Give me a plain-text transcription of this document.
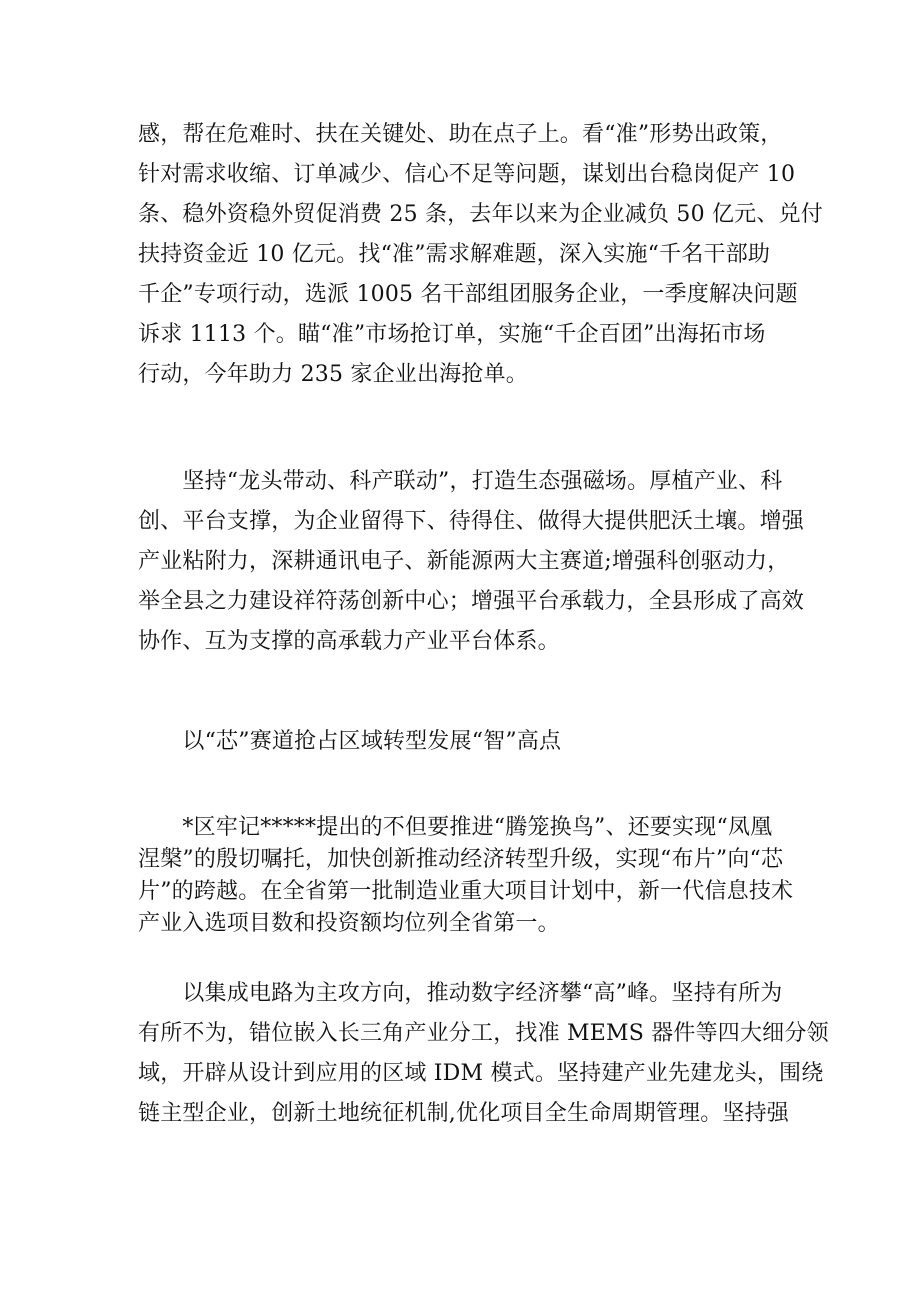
感，帮在危难时、扶在关键处、助在点子上。看“准”形势出政策，
针对需求收缩、订单减少、信心不足等问题，谋划出台稳岗促产 10
条、稳外资稳外贸促消费 25 条，去年以来为企业减负 50 亿元、兑付
扶持资金近 10 亿元。找“准”需求解难题，深入实施“千名干部助
千企”专项行动，选派 1005 名干部组团服务企业，一季度解决问题
诉求 1113 个。瞄“准”市场抢订单，实施“千企百团”出海拓市场
行动，今年助力 235 家企业出海抢单。
　　坚持“龙头带动、科产联动”，打造生态强磁场。厚植产业、科
创、平台支撑，为企业留得下、待得住、做得大提供肥沃土壤。增强
产业粘附力，深耕通讯电子、新能源两大主赛道;增强科创驱动力，
举全县之力建设祥符荡创新中心；增强平台承载力，全县形成了高效
协作、互为支撑的高承载力产业平台体系。
　　以“芯”赛道抢占区域转型发展“智”高点
　　*区牢记*****提出的不但要推进“腾笼换鸟”、还要实现“凤凰
涅槃”的殷切嘱托，加快创新推动经济转型升级，实现“布片”向“芯
片”的跨越。在全省第一批制造业重大项目计划中，新一代信息技术
产业入选项目数和投资额均位列全省第一。
　　以集成电路为主攻方向，推动数字经济攀“高”峰。坚持有所为
有所不为，错位嵌入长三角产业分工，找准 MEMS 器件等四大细分领
域，开辟从设计到应用的区域 IDM 模式。坚持建产业先建龙头，围绕
链主型企业，创新土地统征机制,优化项目全生命周期管理。坚持强
